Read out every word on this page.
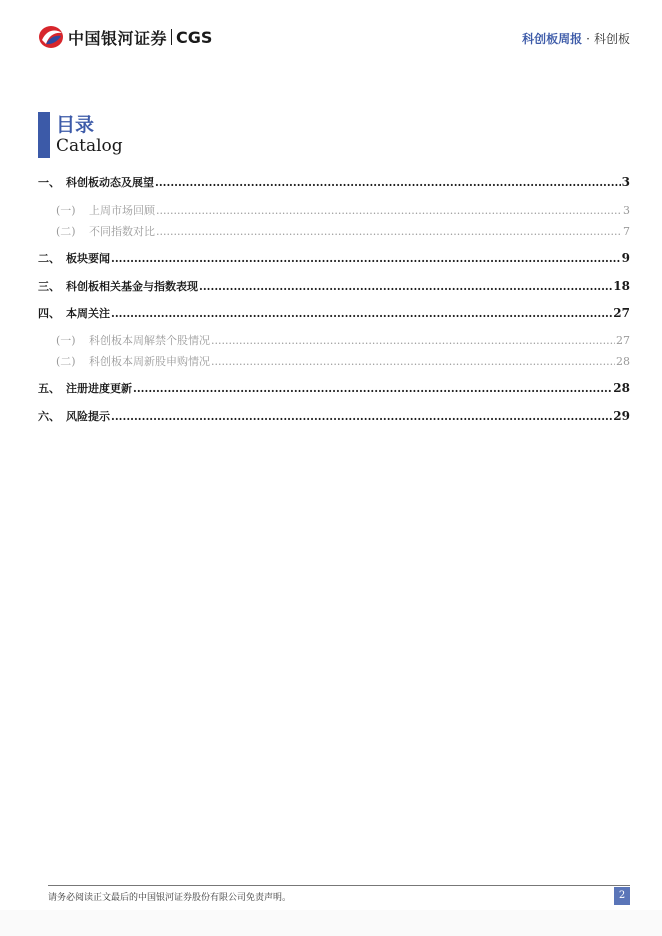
中国银河证券 CGS	科创板周报 · 科创板
目录
Catalog
一、 科创板动态及展望 .....	3
(一)	上周市场回顾 .....	3
(二)	不同指数对比 .....	7
二、 板块要闻 .....	9
三、 科创板相关基金与指数表现 .....	18
四、 本周关注 .....	27
(一)	科创板本周解禁个股情况 .....	27
(二)	科创板本周新股申购情况 .....	28
五、 注册进度更新 .....	28
六、 风险提示 .....	29
请务必阅读正文最后的中国银河证券股份有限公司免责声明。	2
